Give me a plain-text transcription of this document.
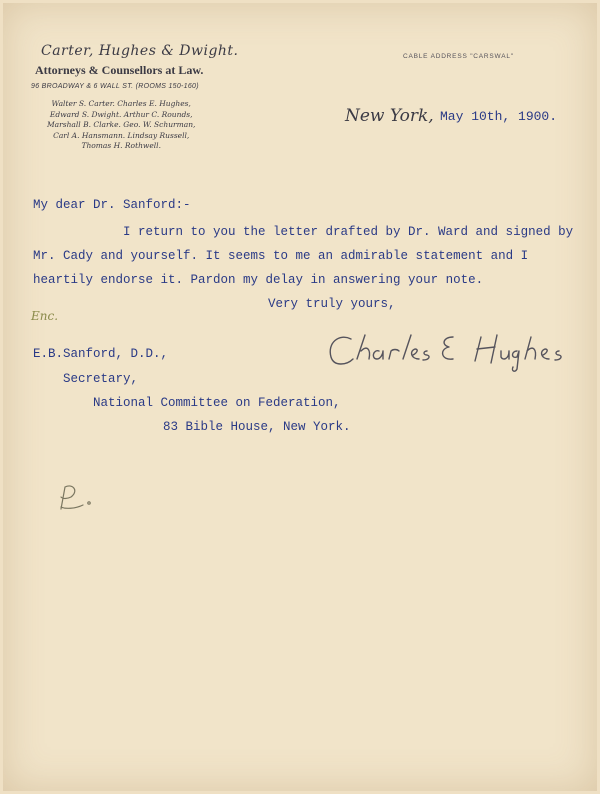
Carter, Hughes & Dwight.
Attorneys & Counsellors at Law.
96 BROADWAY & 6 WALL ST. (ROOMS 150-160)
Walter S. Carter. Charles E. Hughes,
Edward S. Dwight. Arthur C. Rounds,
Marshall B. Clarke. Geo. W. Schurman,
Carl A. Hansmann. Lindsay Russell,
Thomas H. Rothwell.
CABLE ADDRESS "CARSWAL"
New York, May 10th, 1900.
My dear Dr. Sanford:-
I return to you the letter drafted by Dr. Ward and signed by
Mr. Cady and yourself. It seems to me an admirable statement and I
heartily endorse it. Pardon my delay in answering your note.
Very truly yours,
Enc.
E.B.Sanford, D.D.,
Secretary,
National Committee on Federation,
83 Bible House, New York.
